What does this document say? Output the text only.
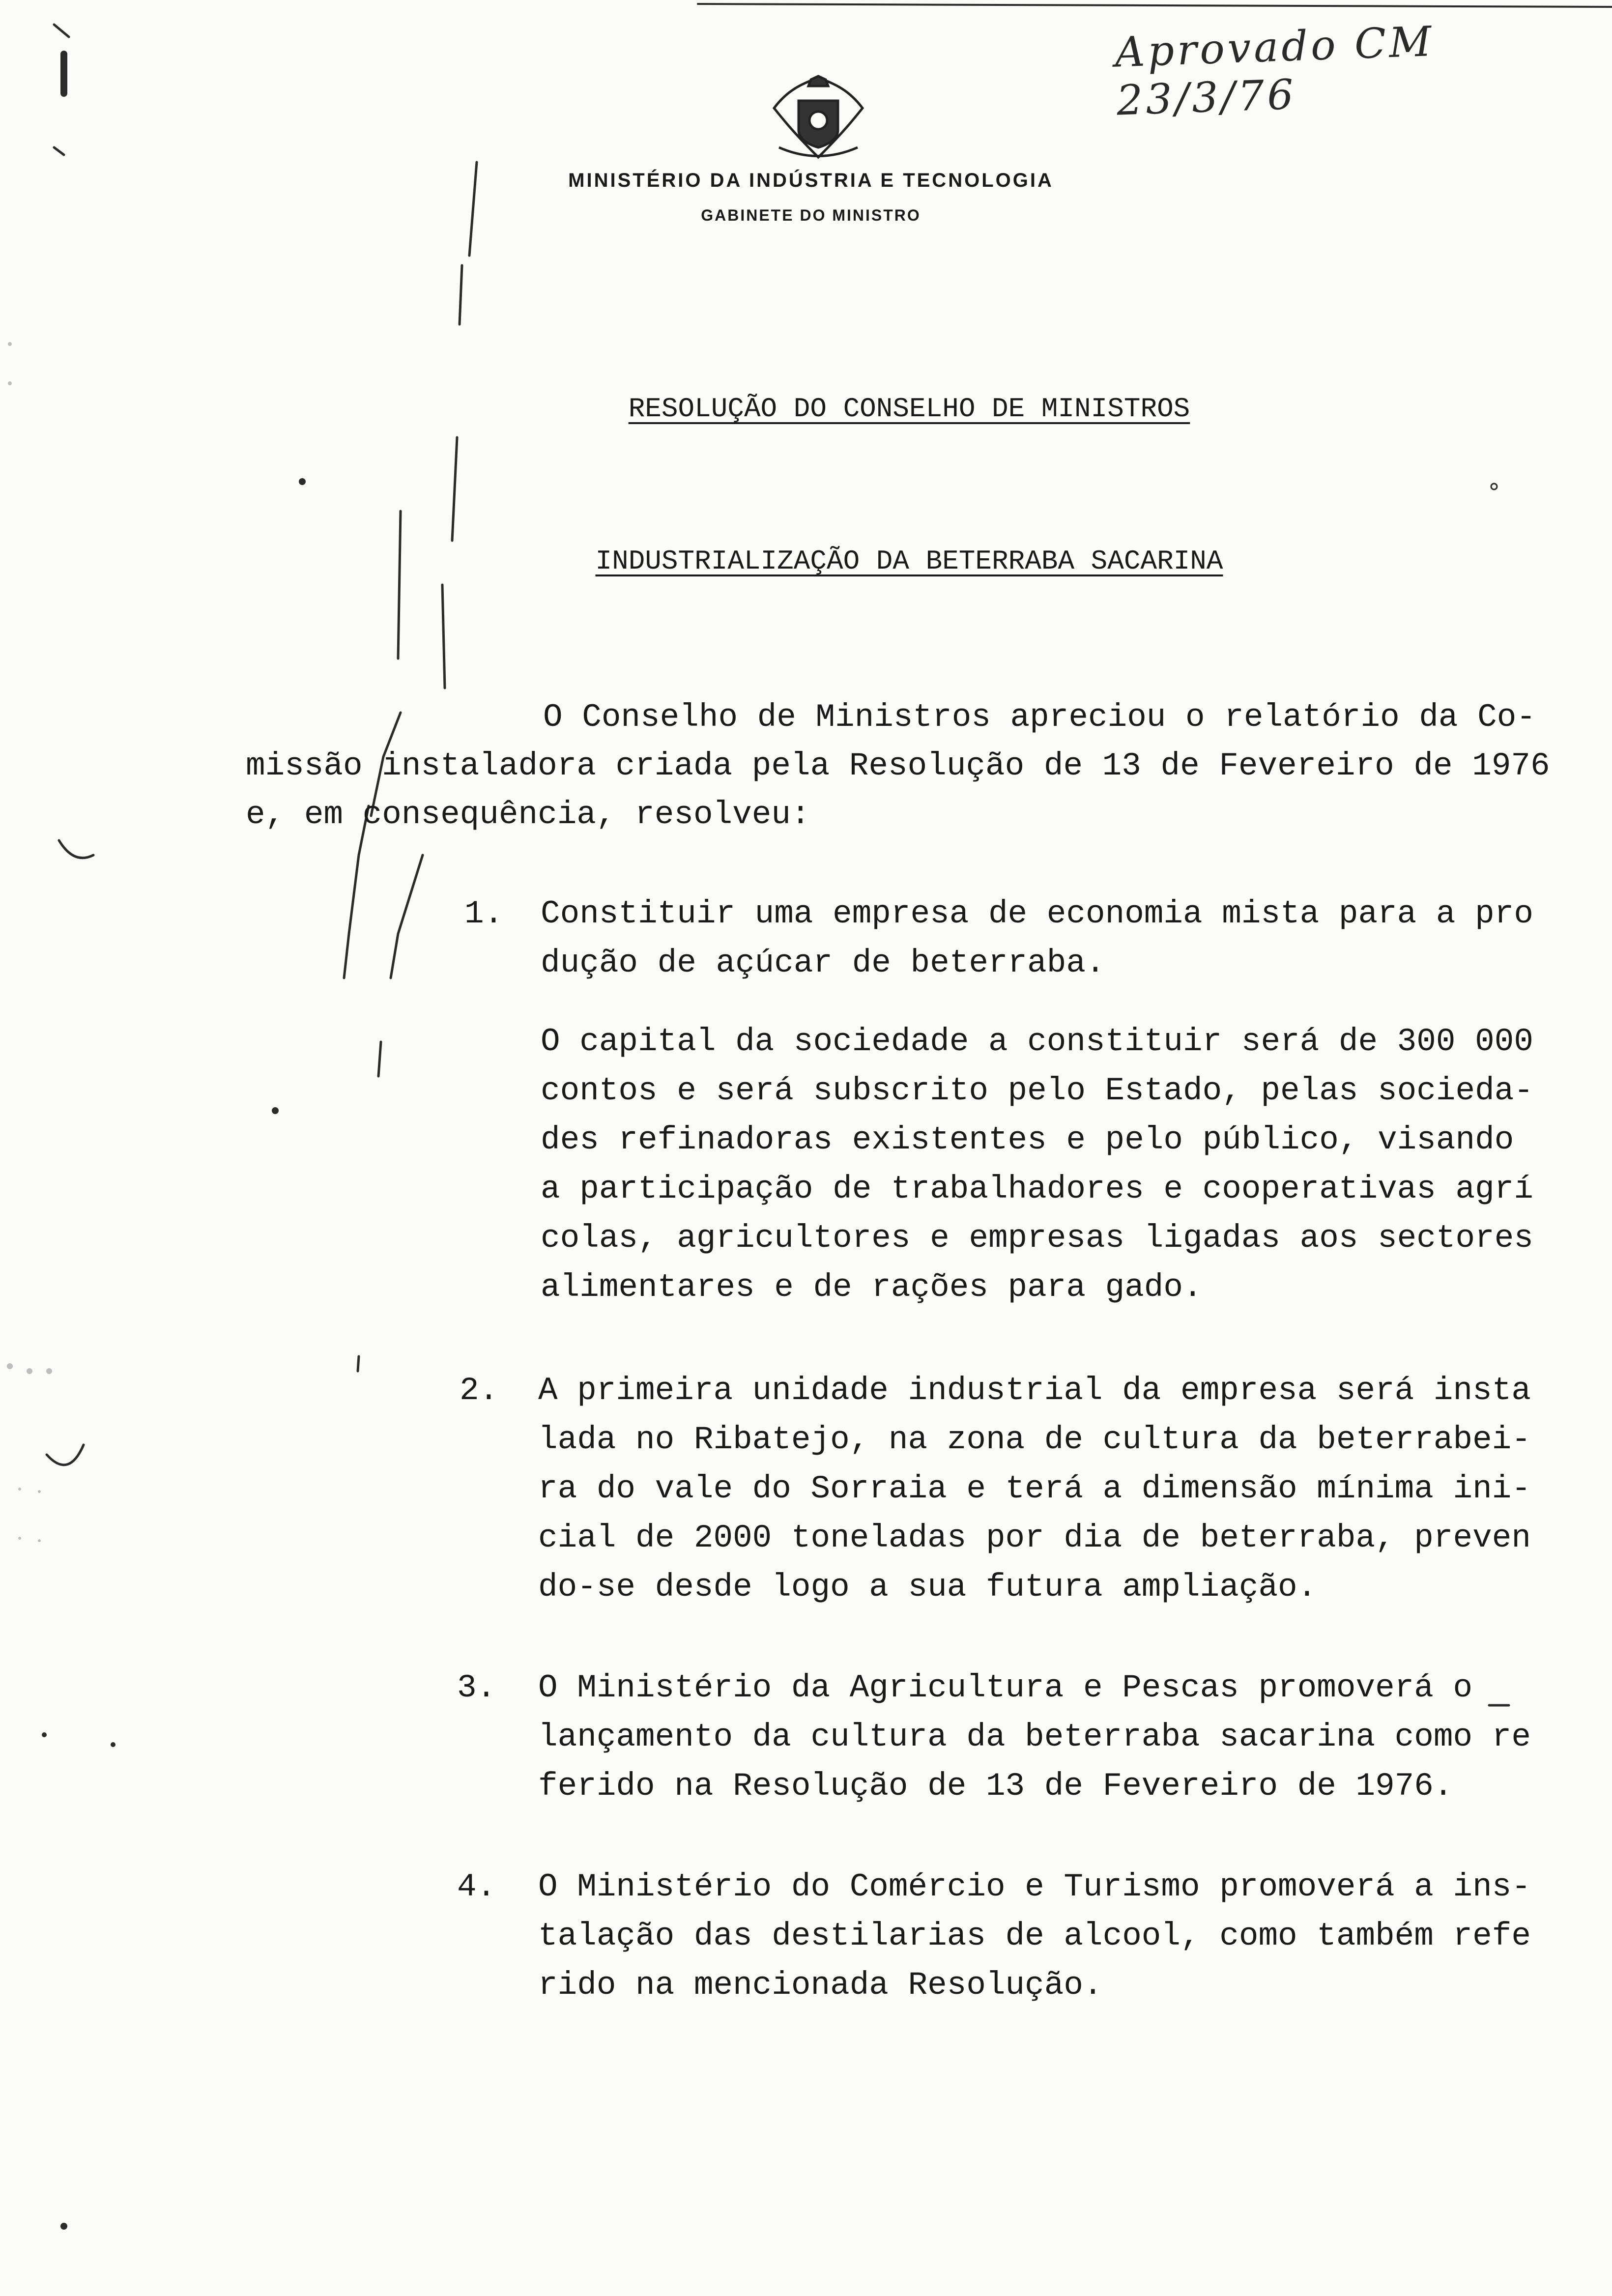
MINISTÉRIO DA INDÚSTRIA E TECNOLOGIA
GABINETE DO MINISTRO
Aprovado CM 23/3/76
RESOLUÇÃO DO CONSELHO DE MINISTROS
INDUSTRIALIZAÇÃO DA BETERRABA SACARINA
O Conselho de Ministros apreciou o relatório da Co-
missão instaladora criada pela Resolução de 13 de Fevereiro de 1976
e, em consequência, resolveu:
1. Constituir uma empresa de economia mista para a pro
dução de açúcar de beterraba.
O capital da sociedade a constituir será de 300 000
contos e será subscrito pelo Estado, pelas socieda-
des refinadoras existentes e pelo público, visando
a participação de trabalhadores e cooperativas agrí
colas, agricultores e empresas ligadas aos sectores
alimentares e de rações para gado.
2. A primeira unidade industrial da empresa será insta
lada no Ribatejo, na zona de cultura da beterrabei-
ra do vale do Sorraia e terá a dimensão mínima ini-
cial de 2000 toneladas por dia de beterraba, preven
do-se desde logo a sua futura ampliação.
3. O Ministério da Agricultura e Pescas promoverá o
lançamento da cultura da beterraba sacarina como re
ferido na Resolução de 13 de Fevereiro de 1976.
4. O Ministério do Comércio e Turismo promoverá a ins-
talação das destilarias de alcool, como também refe
rido na mencionada Resolução.
